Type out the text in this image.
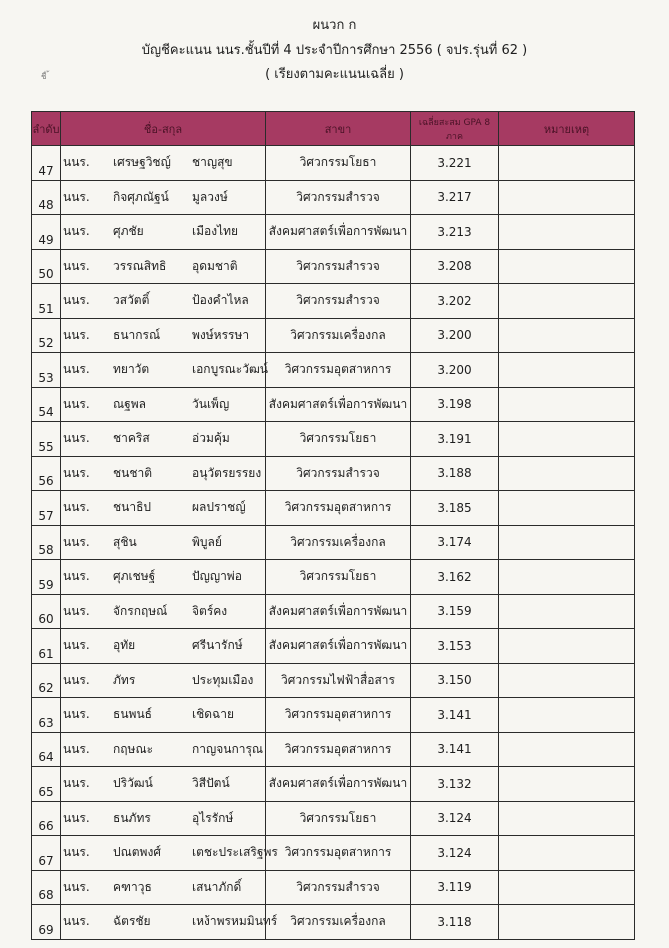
ผนวก ก
บัญชีคะแนน นนร.ชั้นปีที่ 4 ประจำปีการศึกษา 2556 ( จปร.รุ่นที่ 62 )
( เรียงตามคะแนนเฉลี่ย )
ชื่ ้
ลำดับ	ชื่อ-สกุล	สาขา	เฉลี่ยสะสม GPA 8 ภาค	หมายเหตุ
47	นนร. เศรษฐวิชญ์ ชาญสุข	วิศวกรรมโยธา	3.221	
48	นนร. กิจศุภณัฐน์ มูลวงษ์	วิศวกรรมสำรวจ	3.217	
49	นนร. ศุภชัย เมืองไทย	สังคมศาสตร์เพื่อการพัฒนา	3.213	
50	นนร. วรรณสิทธิ อุดมชาติ	วิศวกรรมสำรวจ	3.208	
51	นนร. วสวัตติ์ ป้องคำไหล	วิศวกรรมสำรวจ	3.202	
52	นนร. ธนากรณ์ พงษ์หรรษา	วิศวกรรมเครื่องกล	3.200	
53	นนร. ทยาวัต เอกบูรณะวัฒน์	วิศวกรรมอุตสาหการ	3.200	
54	นนร. ณฐพล วันเพ็ญ	สังคมศาสตร์เพื่อการพัฒนา	3.198	
55	นนร. ชาคริส อ่วมคุ้ม	วิศวกรรมโยธา	3.191	
56	นนร. ชนชาติ อนุวัตรยรรยง	วิศวกรรมสำรวจ	3.188	
57	นนร. ชนาธิป ผลปราชญ์	วิศวกรรมอุตสาหการ	3.185	
58	นนร. สุชิน พิบูลย์	วิศวกรรมเครื่องกล	3.174	
59	นนร. ศุภเชษฐ์ ปัญญาพ่อ	วิศวกรรมโยธา	3.162	
60	นนร. จักรกฤษณ์ จิตร์คง	สังคมศาสตร์เพื่อการพัฒนา	3.159	
61	นนร. อุทัย ศรีนารักษ์	สังคมศาสตร์เพื่อการพัฒนา	3.153	
62	นนร. ภัทร ประทุมเมือง	วิศวกรรมไฟฟ้าสื่อสาร	3.150	
63	นนร. ธนพนธ์ เชิดฉาย	วิศวกรรมอุตสาหการ	3.141	
64	นนร. กฤษณะ กาญจนการุณ	วิศวกรรมอุตสาหการ	3.141	
65	นนร. ปริวัฒน์ วิสีปัตน์	สังคมศาสตร์เพื่อการพัฒนา	3.132	
66	นนร. ธนภัทร อุไรรักษ์	วิศวกรรมโยธา	3.124	
67	นนร. ปณตพงศ์ เตชะประเสริฐพร	วิศวกรรมอุตสาหการ	3.124	
68	นนร. คฑาวุธ เสนาภักดิ์	วิศวกรรมสำรวจ	3.119	
69	นนร. ฉัตรชัย เหง้าพรหมมินทร์	วิศวกรรมเครื่องกล	3.118	
